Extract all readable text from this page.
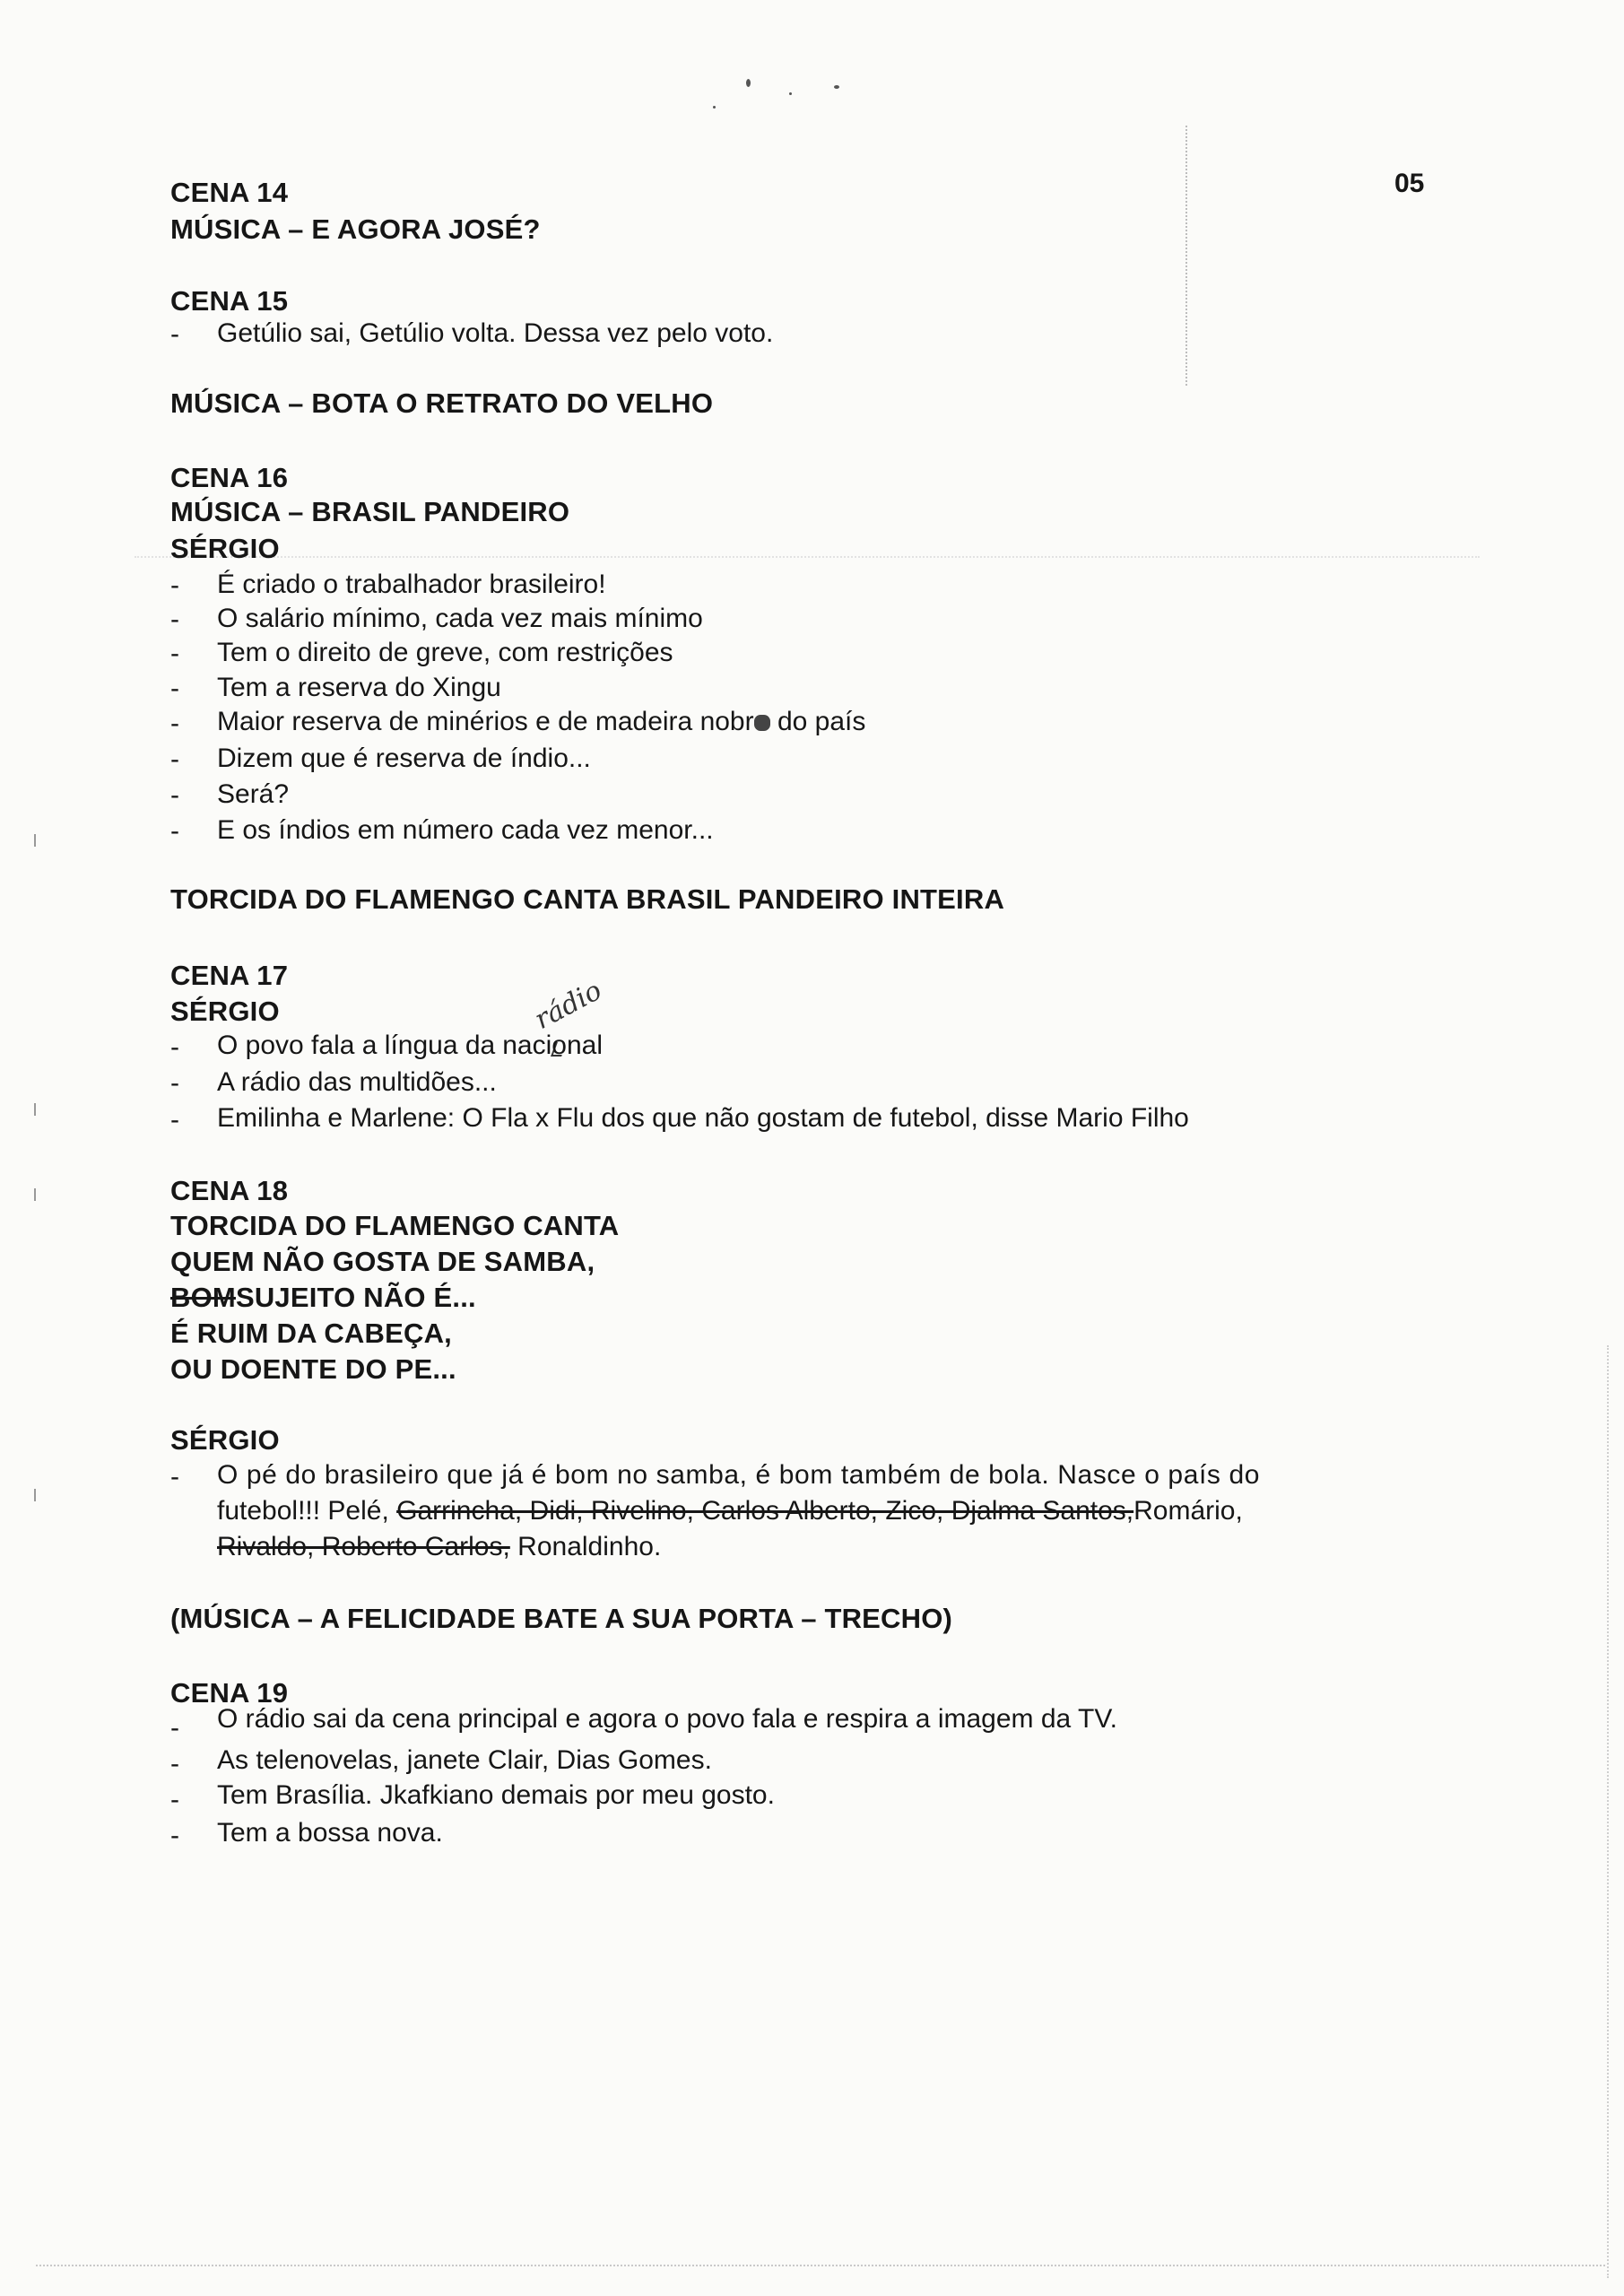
05
CENA 14
MÚSICA – E AGORA JOSÉ?
CENA 15
- Getúlio sai, Getúlio volta. Dessa vez pelo voto.
MÚSICA – BOTA O RETRATO DO VELHO
CENA 16
MÚSICA – BRASIL PANDEIRO
SÉRGIO
- É criado o trabalhador brasileiro!
- O salário mínimo, cada vez mais mínimo
- Tem o direito de greve, com restrições
- Tem a reserva do Xingu
- Maior reserva de minérios e de madeira nobr do país
- Dizem que é reserva de índio...
- Será?
- E os índios em número cada vez menor...
TORCIDA DO FLAMENGO CANTA BRASIL PANDEIRO INTEIRA
CENA 17
SÉRGIO	rádio
- O povo fala a língua da nacional
- A rádio das multidões...
- Emilinha e Marlene: O Fla x Flu dos que não gostam de futebol, disse Mario Filho
CENA 18
TORCIDA DO FLAMENGO CANTA
QUEM NÃO GOSTA DE SAMBA,
BOMSUJEITO NÃO É...
É RUIM DA CABEÇA,
OU DOENTE DO PE...
SÉRGIO
- O pé do brasileiro que já é bom no samba, é bom também de bola. Nasce o país do
futebol!!! Pelé, Garrincha, Didi, Rivelino, Carlos Alberto, Zico, Djalma Santos,Romário,
Rivaldo, Roberto Carlos, Ronaldinho.
(MÚSICA – A FELICIDADE BATE A SUA PORTA – TRECHO)
CENA 19
- O rádio sai da cena principal e agora o povo fala e respira a imagem da TV.
- As telenovelas, janete Clair, Dias Gomes.
- Tem Brasília. Jkafkiano demais por meu gosto.
- Tem a bossa nova.
